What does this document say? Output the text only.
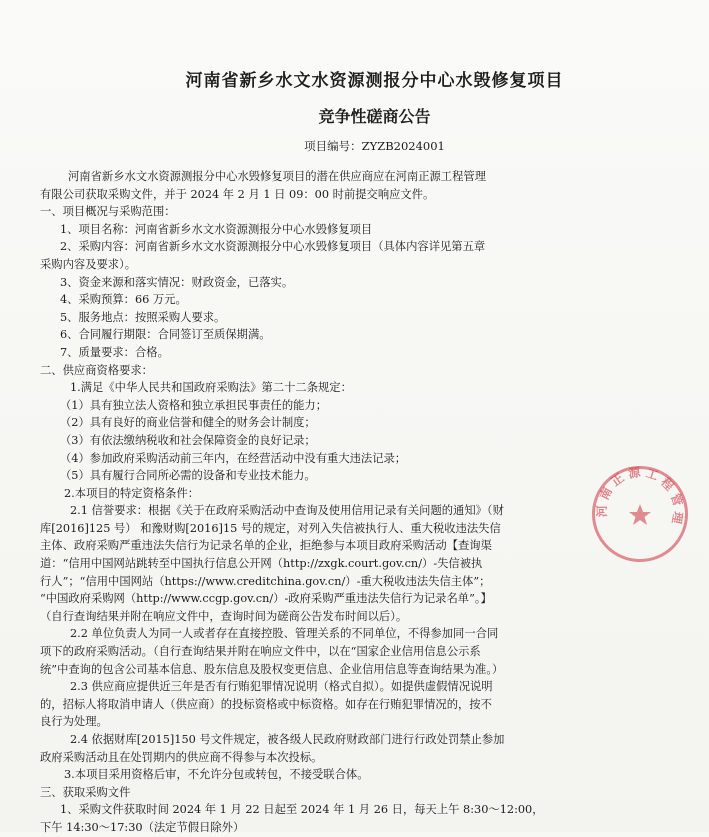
河南省新乡水文水资源测报分中心水毁修复项目
竞争性磋商公告
项目编号：ZYZB2024001

河南省新乡水文水资源测报分中心水毁修复项目的潜在供应商应在河南正源工程管理

有限公司获取采购文件，并于 2024 年 2 月 1 日 09：00 时前提交响应文件。

一、项目概况与采购范围：

1、项目名称：河南省新乡水文水资源测报分中心水毁修复项目

2、采购内容：河南省新乡水文水资源测报分中心水毁修复项目（具体内容详见第五章

采购内容及要求）。

3、资金来源和落实情况：财政资金，已落实。

4、采购预算：66 万元。

5、服务地点：按照采购人要求。

6、合同履行期限：合同签订至质保期满。

7、质量要求：合格。

二、供应商资格要求：

1.满足《中华人民共和国政府采购法》第二十二条规定：

（1）具有独立法人资格和独立承担民事责任的能力；

（2）具有良好的商业信誉和健全的财务会计制度；

（3）有依法缴纳税收和社会保障资金的良好记录；

（4）参加政府采购活动前三年内，在经营活动中没有重大违法记录；

（5）具有履行合同所必需的设备和专业技术能力。

2.本项目的特定资格条件：

2.1 信誉要求：根据《关于在政府采购活动中查询及使用信用记录有关问题的通知》（财

库[2016]125 号） 和豫财购[2016]15 号的规定，对列入失信被执行人、重大税收违法失信

主体、政府采购严重违法失信行为记录名单的企业，拒绝参与本项目政府采购活动【查询渠

道：“信用中国网站跳转至中国执行信息公开网（http://zxgk.court.gov.cn/）-失信被执

行人”；“信用中国网站（https://www.creditchina.gov.cn/）-重大税收违法失信主体”；

“中国政府采购网（http://www.ccgp.gov.cn/）-政府采购严重违法失信行为记录名单”。】

（自行查询结果并附在响应文件中，查询时间为磋商公告发布时间以后）。

2.2 单位负责人为同一人或者存在直接控股、管理关系的不同单位，不得参加同一合同

项下的政府采购活动。（自行查询结果并附在响应文件中，以在“国家企业信用信息公示系

统”中查询的包含公司基本信息、股东信息及股权变更信息、企业信用信息等查询结果为准。）

2.3 供应商应提供近三年是否有行贿犯罪情况说明（格式自拟）。如提供虚假情况说明

的，招标人将取消申请人（供应商）的投标资格或中标资格。如存在行贿犯罪情况的，按不

良行为处理。

2.4 依据财库[2015]150 号文件规定，被各级人民政府财政部门进行行政处罚禁止参加

政府采购活动且在处罚期内的供应商不得参与本次投标。

3.本项目采用资格后审，不允许分包或转包，不接受联合体。

三、获取采购文件

1、采购文件获取时间 2024 年 1 月 22 日起至 2024 年 1 月 26 日，每天上午 8:30～12:00，

下午 14:30～17:30（法定节假日除外）

河 南 正 源 工 程 管 理
